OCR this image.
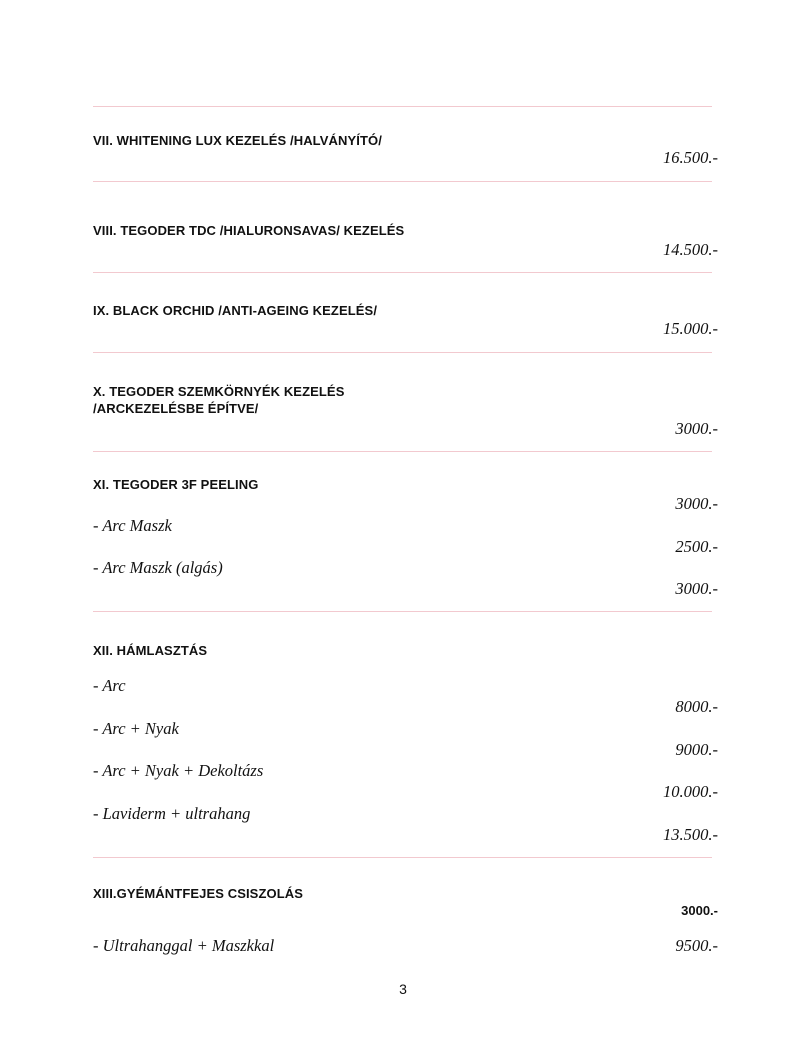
VII. WHITENING LUX KEZELÉS /HALVÁNYÍTÓ/
16.500.-
VIII. TEGODER TDC /HIALURONSAVAS/ KEZELÉS
14.500.-
IX. BLACK ORCHID /ANTI-AGEING KEZELÉS/
15.000.-
X. TEGODER SZEMKÖRNYÉK KEZELÉS
/ARCKEZELÉSBE ÉPÍTVE/
3000.-
XI. TEGODER 3F PEELING
3000.-
- Arc Maszk
2500.-
- Arc Maszk (algás)
3000.-
XII. HÁMLASZTÁS
- Arc
8000.-
- Arc + Nyak
9000.-
- Arc + Nyak + Dekoltázs
10.000.-
- Laviderm + ultrahang
13.500.-
XIII.GYÉMÁNTFEJES CSISZOLÁS
3000.-
- Ultrahanggal + Maszkkal	9500.-
3
